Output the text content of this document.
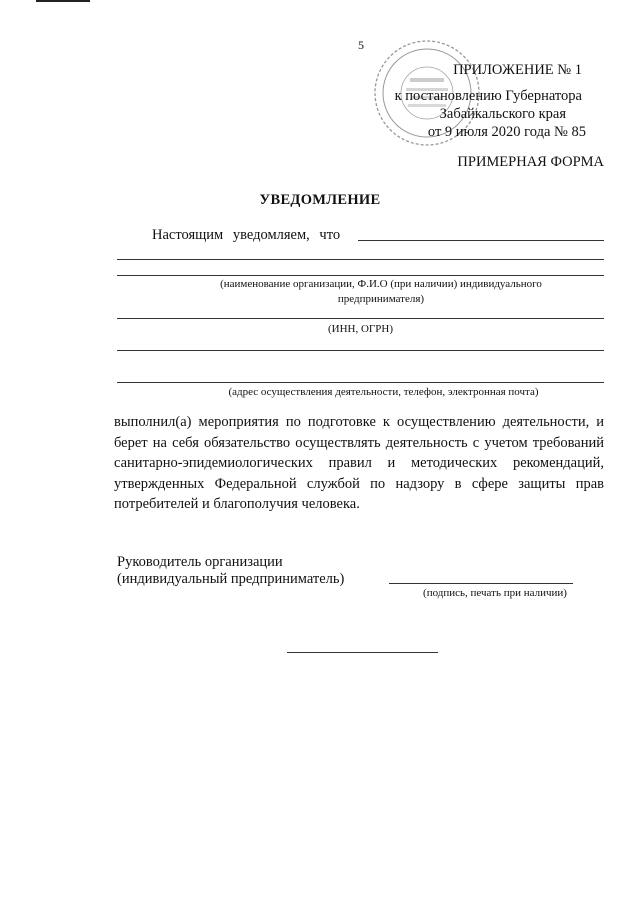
5
ПРИЛОЖЕНИЕ № 1
к постановлению Губернатора
Забайкальского края
от 9 июля 2020 года № 85
ПРИМЕРНАЯ ФОРМА
УВЕДОМЛЕНИЕ
Настоящим уведомляем, что
(наименование организации, Ф.И.О (при наличии) индивидуального предпринимателя)
(ИНН, ОГРН)
(адрес осуществления деятельности, телефон, электронная почта)

выполнил(а) мероприятия по подготовке к осуществлению деятельности, и берет на себя обязательство осуществлять деятельность с учетом требований санитарно-эпидемиологических правил и методических рекомендаций, утвержденных Федеральной службой по надзору в сфере защиты прав потребителей и благополучия человека.

Руководитель организации
(индивидуальный предприниматель)
(подпись, печать при наличии)
